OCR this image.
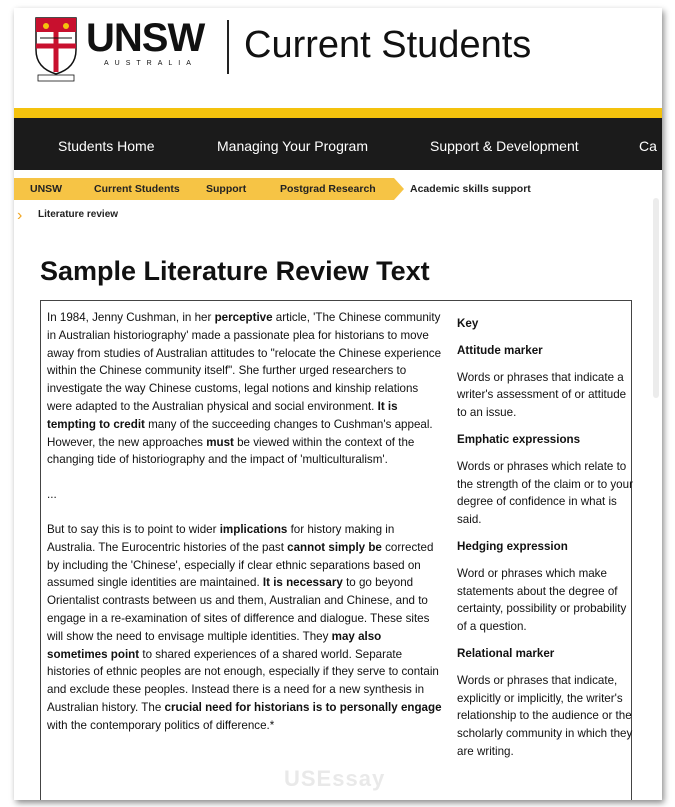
UNSW
AUSTRALIA Current Students
Students Home	Managing Your Program	Support & Development	Ca
UNSW	Current Students	Support	Postgrad Research	Academic skills support
› Literature review
Sample Literature Review Text

In 1984, Jenny Cushman, in her perceptive article, 'The Chinese community in Australian historiography' made a passionate plea for historians to move away from studies of Australian attitudes to "relocate the Chinese experience within the Chinese community itself". She further urged researchers to investigate the way Chinese customs, legal notions and kinship relations were adapted to the Australian physical and social environment. It is tempting to credit many of the succeeding changes to Cushman's appeal. However, the new approaches must be viewed within the context of the changing tide of historiography and the impact of 'multiculturalism'.

...

But to say this is to point to wider implications for history making in Australia. The Eurocentric histories of the past cannot simply be corrected by including the 'Chinese', especially if clear ethnic separations based on assumed single identities are maintained. It is necessary to go beyond Orientalist contrasts between us and them, Australian and Chinese, and to engage in a re-examination of sites of difference and dialogue. These sites will show the need to envisage multiple identities. They may also sometimes point to shared experiences of a shared world. Separate histories of ethnic peoples are not enough, especially if they serve to contain and exclude these peoples. Instead there is a need for a new synthesis in Australian history. The crucial need for historians is to personally engage with the contemporary politics of difference.*

Key
Attitude marker
Words or phrases that indicate a writer's assessment of or attitude to an issue.
Emphatic expressions
Words or phrases which relate to the strength of the claim or to your degree of confidence in what is said.
Hedging expression
Word or phrases which make statements about the degree of certainty, possibility or probability of a question.
Relational marker
Words or phrases that indicate, explicitly or implicitly, the writer's relationship to the audience or the scholarly community in which they are writing.
USEssay
